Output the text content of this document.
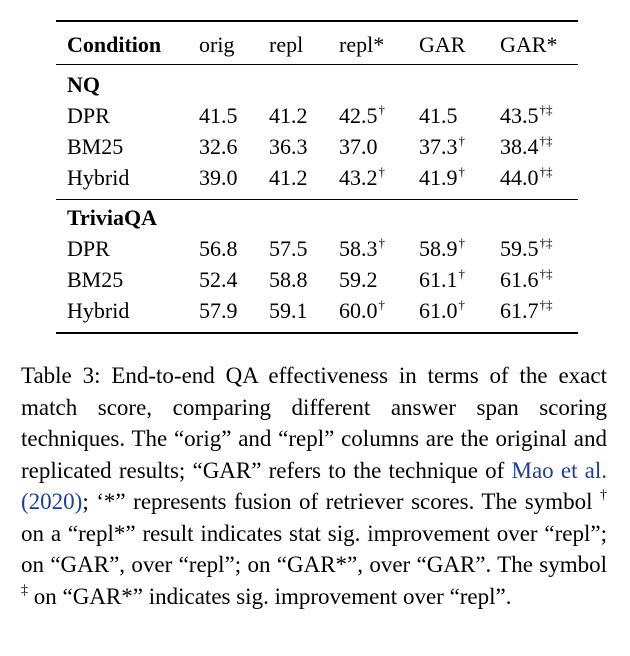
Condition orig repl repl* GAR GAR*
NQ
DPR	41.5 41.2 42.5† 41.5 43.5†‡
BM25	32.6 36.3 37.0 37.3† 38.4†‡
Hybrid	39.0 41.2 43.2† 41.9† 44.0†‡
TriviaQA
DPR	56.8 57.5 58.3† 58.9† 59.5†‡
BM25	52.4 58.8 59.2 61.1† 61.6†‡
Hybrid	57.9 59.1 60.0† 61.0† 61.7†‡
Table 3: End-to-end QA effectiveness in terms of the exact match score, comparing different answer span scoring techniques. The “orig” and “repl” columns are the original and replicated results; “GAR” refers to the technique of Mao et al. (2020); ‘*” represents fusion of retriever scores. The symbol † on a “repl*” result indicates stat sig. improvement over “repl”; on “GAR”, over “repl”; on “GAR*”, over “GAR”. The symbol ‡ on “GAR*” indicates sig. improvement over “repl”.
